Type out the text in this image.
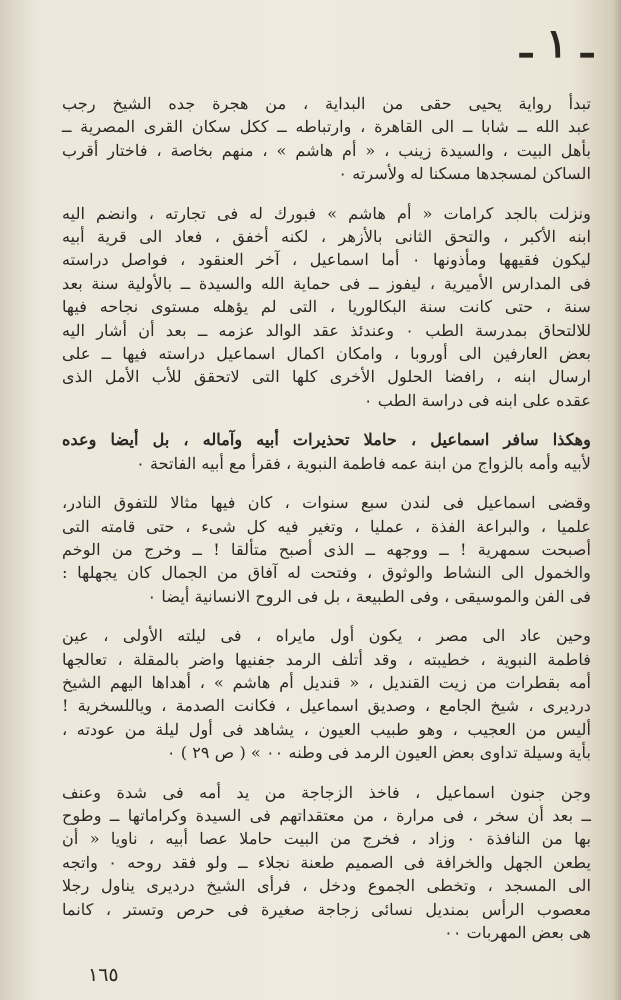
ـ ١ ـ
تبدأ رواية يحيى حقى من البداية ، من هجرة جده الشيخ رجب
عبد الله ــ شابا ــ الى القاهرة ، وارتباطه ــ ككل سكان القرى المصرية ــ
بأهل البيت ، والسيدة زينب ، « أم هاشم » ، منهم بخاصة ، فاختار أقرب
الساكن لمسجدها مسكنا له ولأسرته ٠
ونزلت بالجد كرامات « أم هاشم » فبورك له فى تجارته ، وانضم اليه
ابنه الأكبر ، والتحق الثانى بالأزهر ، لكنه أخفق ، فعاد الى قرية أبيه
ليكون فقيهها ومأذونها ٠ أما اسماعيل ، آخر العنقود ، فواصل دراسته
فى المدارس الأميرية ، ليفوز ــ فى حماية الله والسيدة ــ بالأولية سنة بعد
سنة ، حتى كانت سنة البكالوريا ، التى لم يؤهله مستوى نجاحه فيها
للالتحاق بمدرسة الطب ٠ وعندئذ عقد الوالد عزمه ــ بعد أن أشار اليه
بعض العارفين الى أوروبا ، وامكان اكمال اسماعيل دراسته فيها ــ على
ارسال ابنه ، رافضا الحلول الأخرى كلها التى لاتحقق للأب الأمل الذى
عقده على ابنه فى دراسة الطب ٠
وهكذا سافر اسماعيل ، حاملا تحذيرات أبيه وآماله ، بل أيضا وعده
لأبيه وأمه بالزواج من ابنة عمه فاطمة النبوية ، فقرأ مع أبيه الفاتحة ٠
وقضى اسماعيل فى لندن سبع سنوات ، كان فيها مثالا للتفوق النادر،
علميا ، والبراعة الفذة ، عمليا ، وتغير فيه كل شىء ، حتى قامته التى
أصبحت سمهرية ! ــ ووجهه ــ الذى أصبح متألقا ! ــ وخرج من الوخم
والخمول الى النشاط والوثوق ، وفتحت له آفاق من الجمال كان يجهلها :
فى الفن والموسيقى ، وفى الطبيعة ، بل فى الروح الانسانية أيضا ٠
وحين عاد الى مصر ، يكون أول مايراه ، فى ليلته الأولى ، عين
فاطمة النبوية ، خطيبته ، وقد أتلف الرمد جفنيها واضر بالمقلة ، تعالجها
أمه بقطرات من زيت القنديل ، « قنديل أم هاشم » ، أهداها اليهم الشيخ
درديرى ، شيخ الجامع ، وصديق اسماعيل ، فكانت الصدمة ، وياللسخرية !
أليس من العجيب ، وهو طبيب العيون ، يشاهد فى أول ليلة من عودته ،
بأية وسيلة تداوى بعض العيون الرمد فى وطنه ٠٠ » ( ص ٢٩ ) ٠
وجن جنون اسماعيل ، فاخذ الزجاجة من يد أمه فى شدة وعنف
ــ بعد أن سخر ، فى مرارة ، من معتقداتهم فى السيدة وكراماتها ــ وطوح
بها من النافذة ٠ وزاد ، فخرج من البيت حاملا عصا أبيه ، ناويا « أن
يطعن الجهل والخرافة فى الصميم طعنة نجلاء ــ ولو فقد روحه ٠ واتجه
الى المسجد ، وتخطى الجموع ودخل ، فرأى الشيخ درديرى يناول رجلا
معصوب الرأس بمنديل نسائى زجاجة صغيرة فى حرص وتستر ، كانما
هى بعض المهربات ٠٠
١٦٥
